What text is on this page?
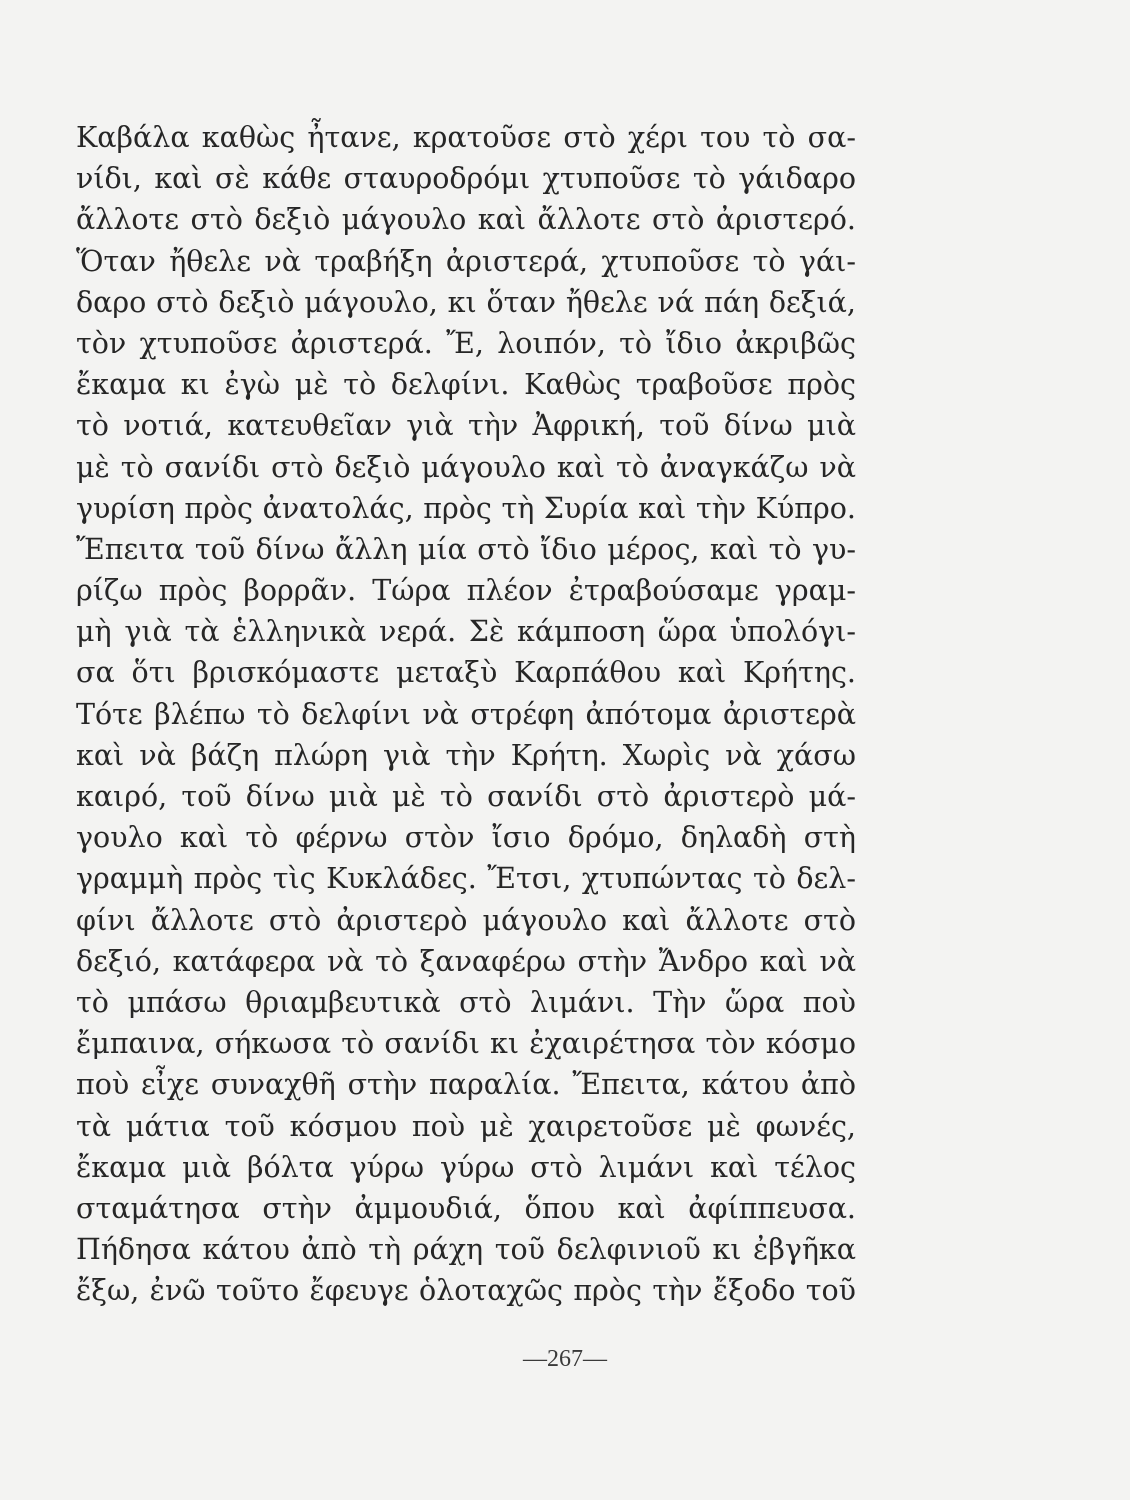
Καβάλα καθὼς ἦτανε, κρατοῦσε στὸ χέρι του τὸ σα-
νίδι, καὶ σὲ κάθε σταυροδρόμι χτυποῦσε τὸ γάιδαρο
ἄλλοτε στὸ δεξιὸ μάγουλο καὶ ἄλλοτε στὸ ἀριστερό.
Ὅταν ἤθελε νὰ τραβήξη ἀριστερά, χτυποῦσε τὸ γάι-
δαρο στὸ δεξιὸ μάγουλο, κι ὅταν ἤθελε νά πάη δεξιά,
τὸν χτυποῦσε ἀριστερά. Ἔ, λοιπόν, τὸ ἴδιο ἀκριβῶς
ἔκαμα κι ἐγὼ μὲ τὸ δελφίνι. Καθὼς τραβοῦσε πρὸς
τὸ νοτιά, κατευθεῖαν γιὰ τὴν Ἀφρική, τοῦ δίνω μιὰ
μὲ τὸ σανίδι στὸ δεξιὸ μάγουλο καὶ τὸ ἀναγκάζω νὰ
γυρίση πρὸς ἀνατολάς, πρὸς τὴ Συρία καὶ τὴν Κύπρο.
Ἔπειτα τοῦ δίνω ἄλλη μία στὸ ἴδιο μέρος, καὶ τὸ γυ-
ρίζω πρὸς βορρᾶν. Τώρα πλέον ἐτραβούσαμε γραμ-
μὴ γιὰ τὰ ἑλληνικὰ νερά. Σὲ κάμποση ὥρα ὑπολόγι-
σα ὅτι βρισκόμαστε μεταξὺ Καρπάθου καὶ Κρήτης.
Τότε βλέπω τὸ δελφίνι νὰ στρέφη ἀπότομα ἀριστερὰ
καὶ νὰ βάζη πλώρη γιὰ τὴν Κρήτη. Χωρὶς νὰ χάσω
καιρό, τοῦ δίνω μιὰ μὲ τὸ σανίδι στὸ ἀριστερὸ μά-
γουλο καὶ τὸ φέρνω στὸν ἴσιο δρόμο, δηλαδὴ στὴ
γραμμὴ πρὸς τὶς Κυκλάδες. Ἔτσι, χτυπώντας τὸ δελ-
φίνι ἄλλοτε στὸ ἀριστερὸ μάγουλο καὶ ἄλλοτε στὸ
δεξιό, κατάφερα νὰ τὸ ξαναφέρω στὴν Ἄνδρο καὶ νὰ
τὸ μπάσω θριαμβευτικὰ στὸ λιμάνι. Τὴν ὥρα ποὺ
ἔμπαινα, σήκωσα τὸ σανίδι κι ἐχαιρέτησα τὸν κόσμο
ποὺ εἶχε συναχθῆ στὴν παραλία. Ἔπειτα, κάτου ἀπὸ
τὰ μάτια τοῦ κόσμου ποὺ μὲ χαιρετοῦσε μὲ φωνές,
ἔκαμα μιὰ βόλτα γύρω γύρω στὸ λιμάνι καὶ τέλος
σταμάτησα στὴν ἀμμουδιά, ὅπου καὶ ἀφίππευσα.
Πήδησα κάτου ἀπὸ τὴ ράχη τοῦ δελφινιοῦ κι ἐβγῆκα
ἔξω, ἐνῶ τοῦτο ἔφευγε ὁλοταχῶς πρὸς τὴν ἔξοδο τοῦ
—267—
